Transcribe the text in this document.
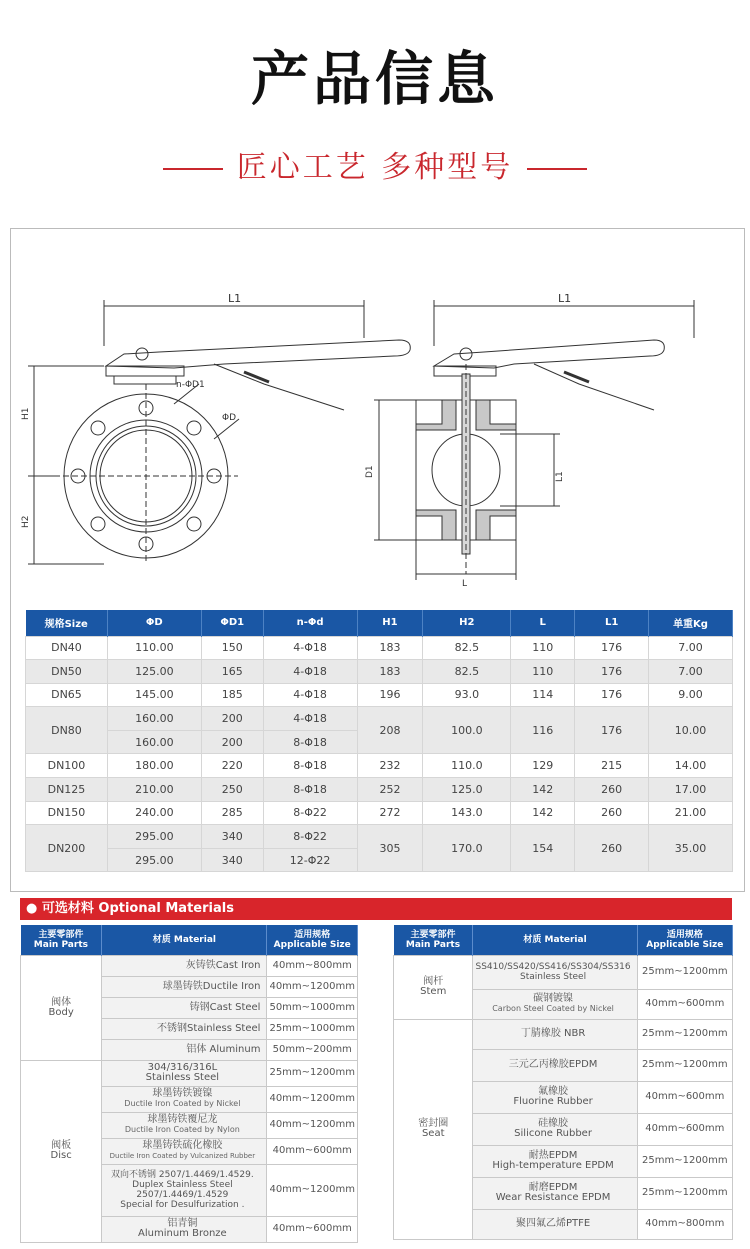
产品信息
匠心工艺 多种型号
L1	L1
n-ΦD1
ΦD
H1
H2
D1	L1
L
规格Size	ΦD	ΦD1	n-Φd	H1	H2	L	L1	单重Kg
DN40	110.00	150	4-Φ18	183	82.5	110	176	7.00
DN50	125.00	165	4-Φ18	183	82.5	110	176	7.00
DN65	145.00	185	4-Φ18	196	93.0	114	176	9.00
DN80	160.00	200	4-Φ18	208	100.0	116	176	10.00
	160.00	200	8-Φ18					
DN100	180.00	220	8-Φ18	232	110.0	129	215	14.00
DN125	210.00	250	8-Φ18	252	125.0	142	260	17.00
DN150	240.00	285	8-Φ22	272	143.0	142	260	21.00
DN200	295.00	340	8-Φ22	305	170.0	154	260	35.00
	295.00	340	12-Φ22					
● 可选材料 Optional Materials
主要零部件
Main Parts	材质 Material	适用规格
Applicable Size
阀体
Body	灰铸铁Cast Iron	40mm~800mm
	球墨铸铁Ductile Iron	40mm~1200mm
	铸钢Cast Steel	50mm~1000mm
	不锈钢Stainless Steel	25mm~1000mm
	铝体 Aluminum	50mm~200mm
阀板
Disc	304/316/316L
Stainless Steel	25mm~1200mm
	球墨铸铁镀镍
Ductile Iron Coated by Nickel	40mm~1200mm
	球墨铸铁覆尼龙
Ductile Iron Coated by Nylon	40mm~1200mm
	球墨铸铁硫化橡胶
Ductile Iron Coated by Vulcanized Rubber	40mm~600mm
	双向不锈钢 2507/1.4469/1.4529.
Duplex Stainless Steel
2507/1.4469/1.4529
Special for Desulfurization .	40mm~1200mm
	铝青铜
Aluminum Bronze	40mm~600mm
主要零部件
Main Parts	材质 Material	适用规格
Applicable Size
阀杆
Stem	SS410/SS420/SS416/SS304/SS316
Stainless Steel	25mm~1200mm
	碳钢镀镍
Carbon Steel Coated by Nickel	40mm~600mm
密封圈
Seat	丁腈橡胶 NBR	25mm~1200mm
	三元乙丙橡胶EPDM	25mm~1200mm
	氟橡胶
Fluorine Rubber	40mm~600mm
	硅橡胶
Silicone Rubber	40mm~600mm
	耐热EPDM
High-temperature EPDM	25mm~1200mm
	耐磨EPDM
Wear Resistance EPDM	25mm~1200mm
	聚四氟乙烯PTFE	40mm~800mm
